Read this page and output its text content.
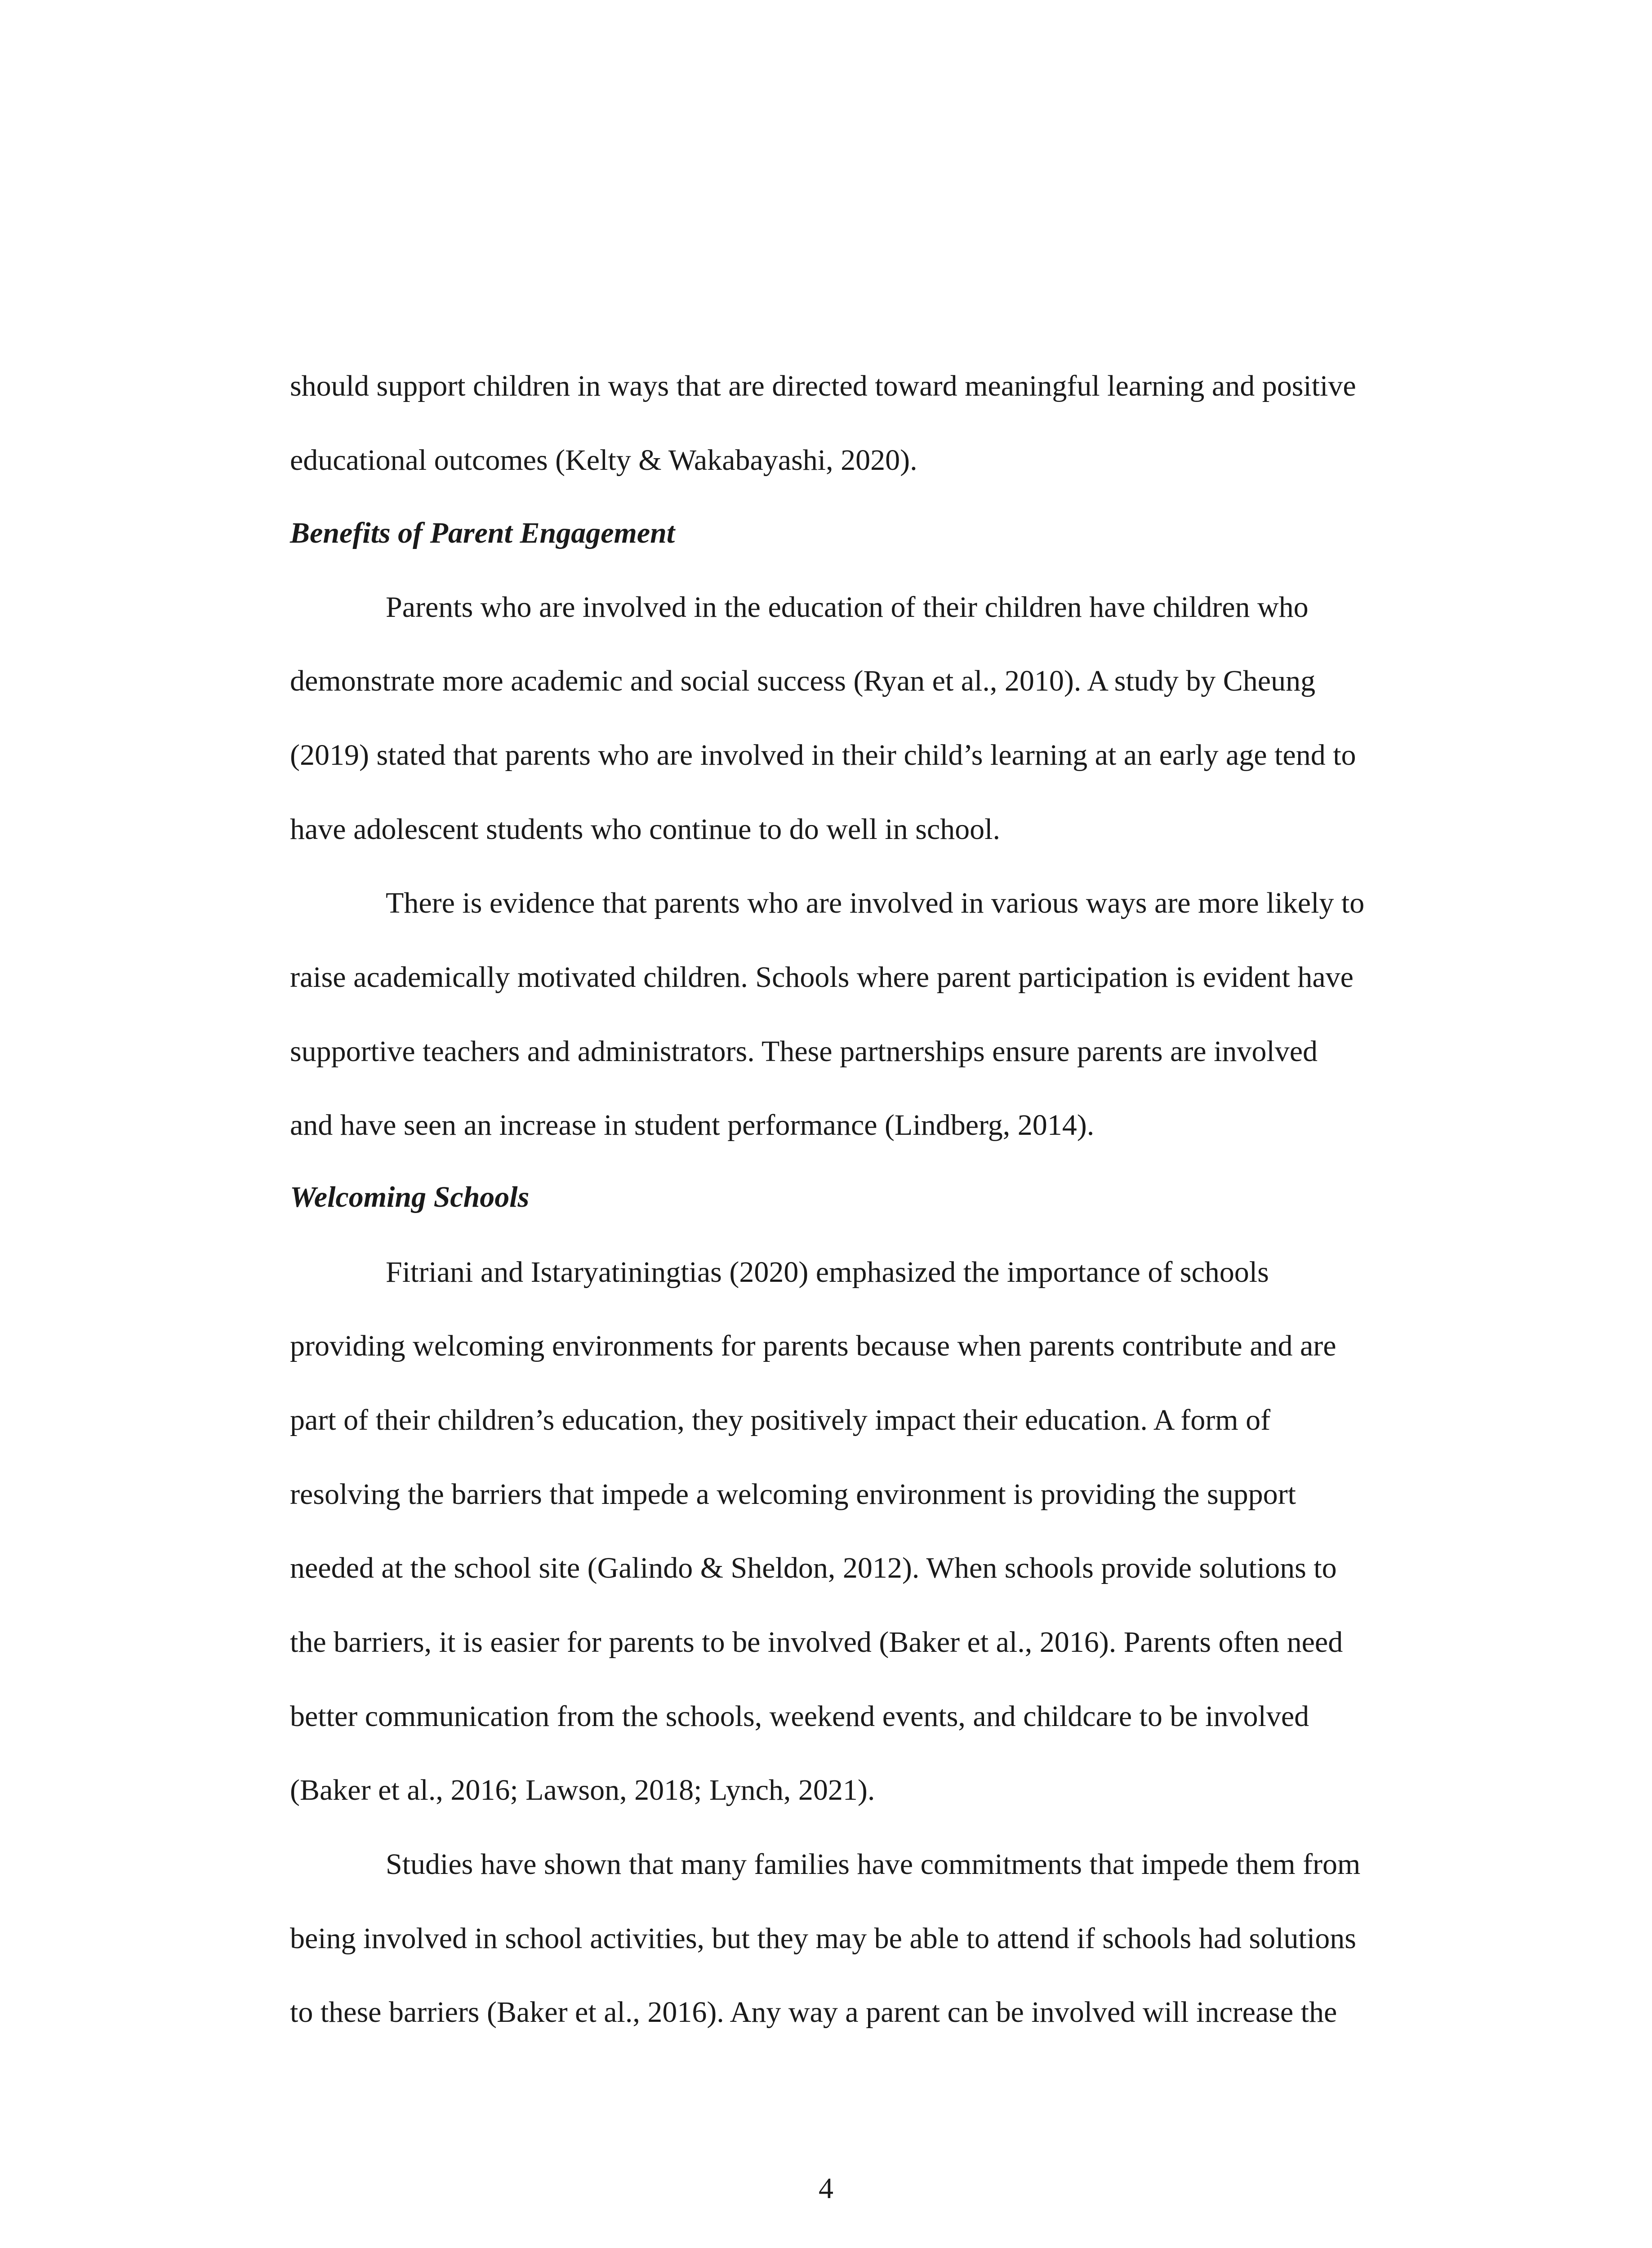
should support children in ways that are directed toward meaningful learning and positive

educational outcomes (Kelty & Wakabayashi, 2020).

Benefits of Parent Engagement

Parents who are involved in the education of their children have children who

demonstrate more academic and social success (Ryan et al., 2010). A study by Cheung

(2019) stated that parents who are involved in their child’s learning at an early age tend to

have adolescent students who continue to do well in school.

There is evidence that parents who are involved in various ways are more likely to

raise academically motivated children. Schools where parent participation is evident have

supportive teachers and administrators. These partnerships ensure parents are involved

and have seen an increase in student performance (Lindberg, 2014).

Welcoming Schools

Fitriani and Istaryatiningtias (2020) emphasized the importance of schools

providing welcoming environments for parents because when parents contribute and are

part of their children’s education, they positively impact their education. A form of

resolving the barriers that impede a welcoming environment is providing the support

needed at the school site (Galindo & Sheldon, 2012). When schools provide solutions to

the barriers, it is easier for parents to be involved (Baker et al., 2016). Parents often need

better communication from the schools, weekend events, and childcare to be involved

(Baker et al., 2016; Lawson, 2018; Lynch, 2021).

Studies have shown that many families have commitments that impede them from

being involved in school activities, but they may be able to attend if schools had solutions

to these barriers (Baker et al., 2016). Any way a parent can be involved will increase the

4
